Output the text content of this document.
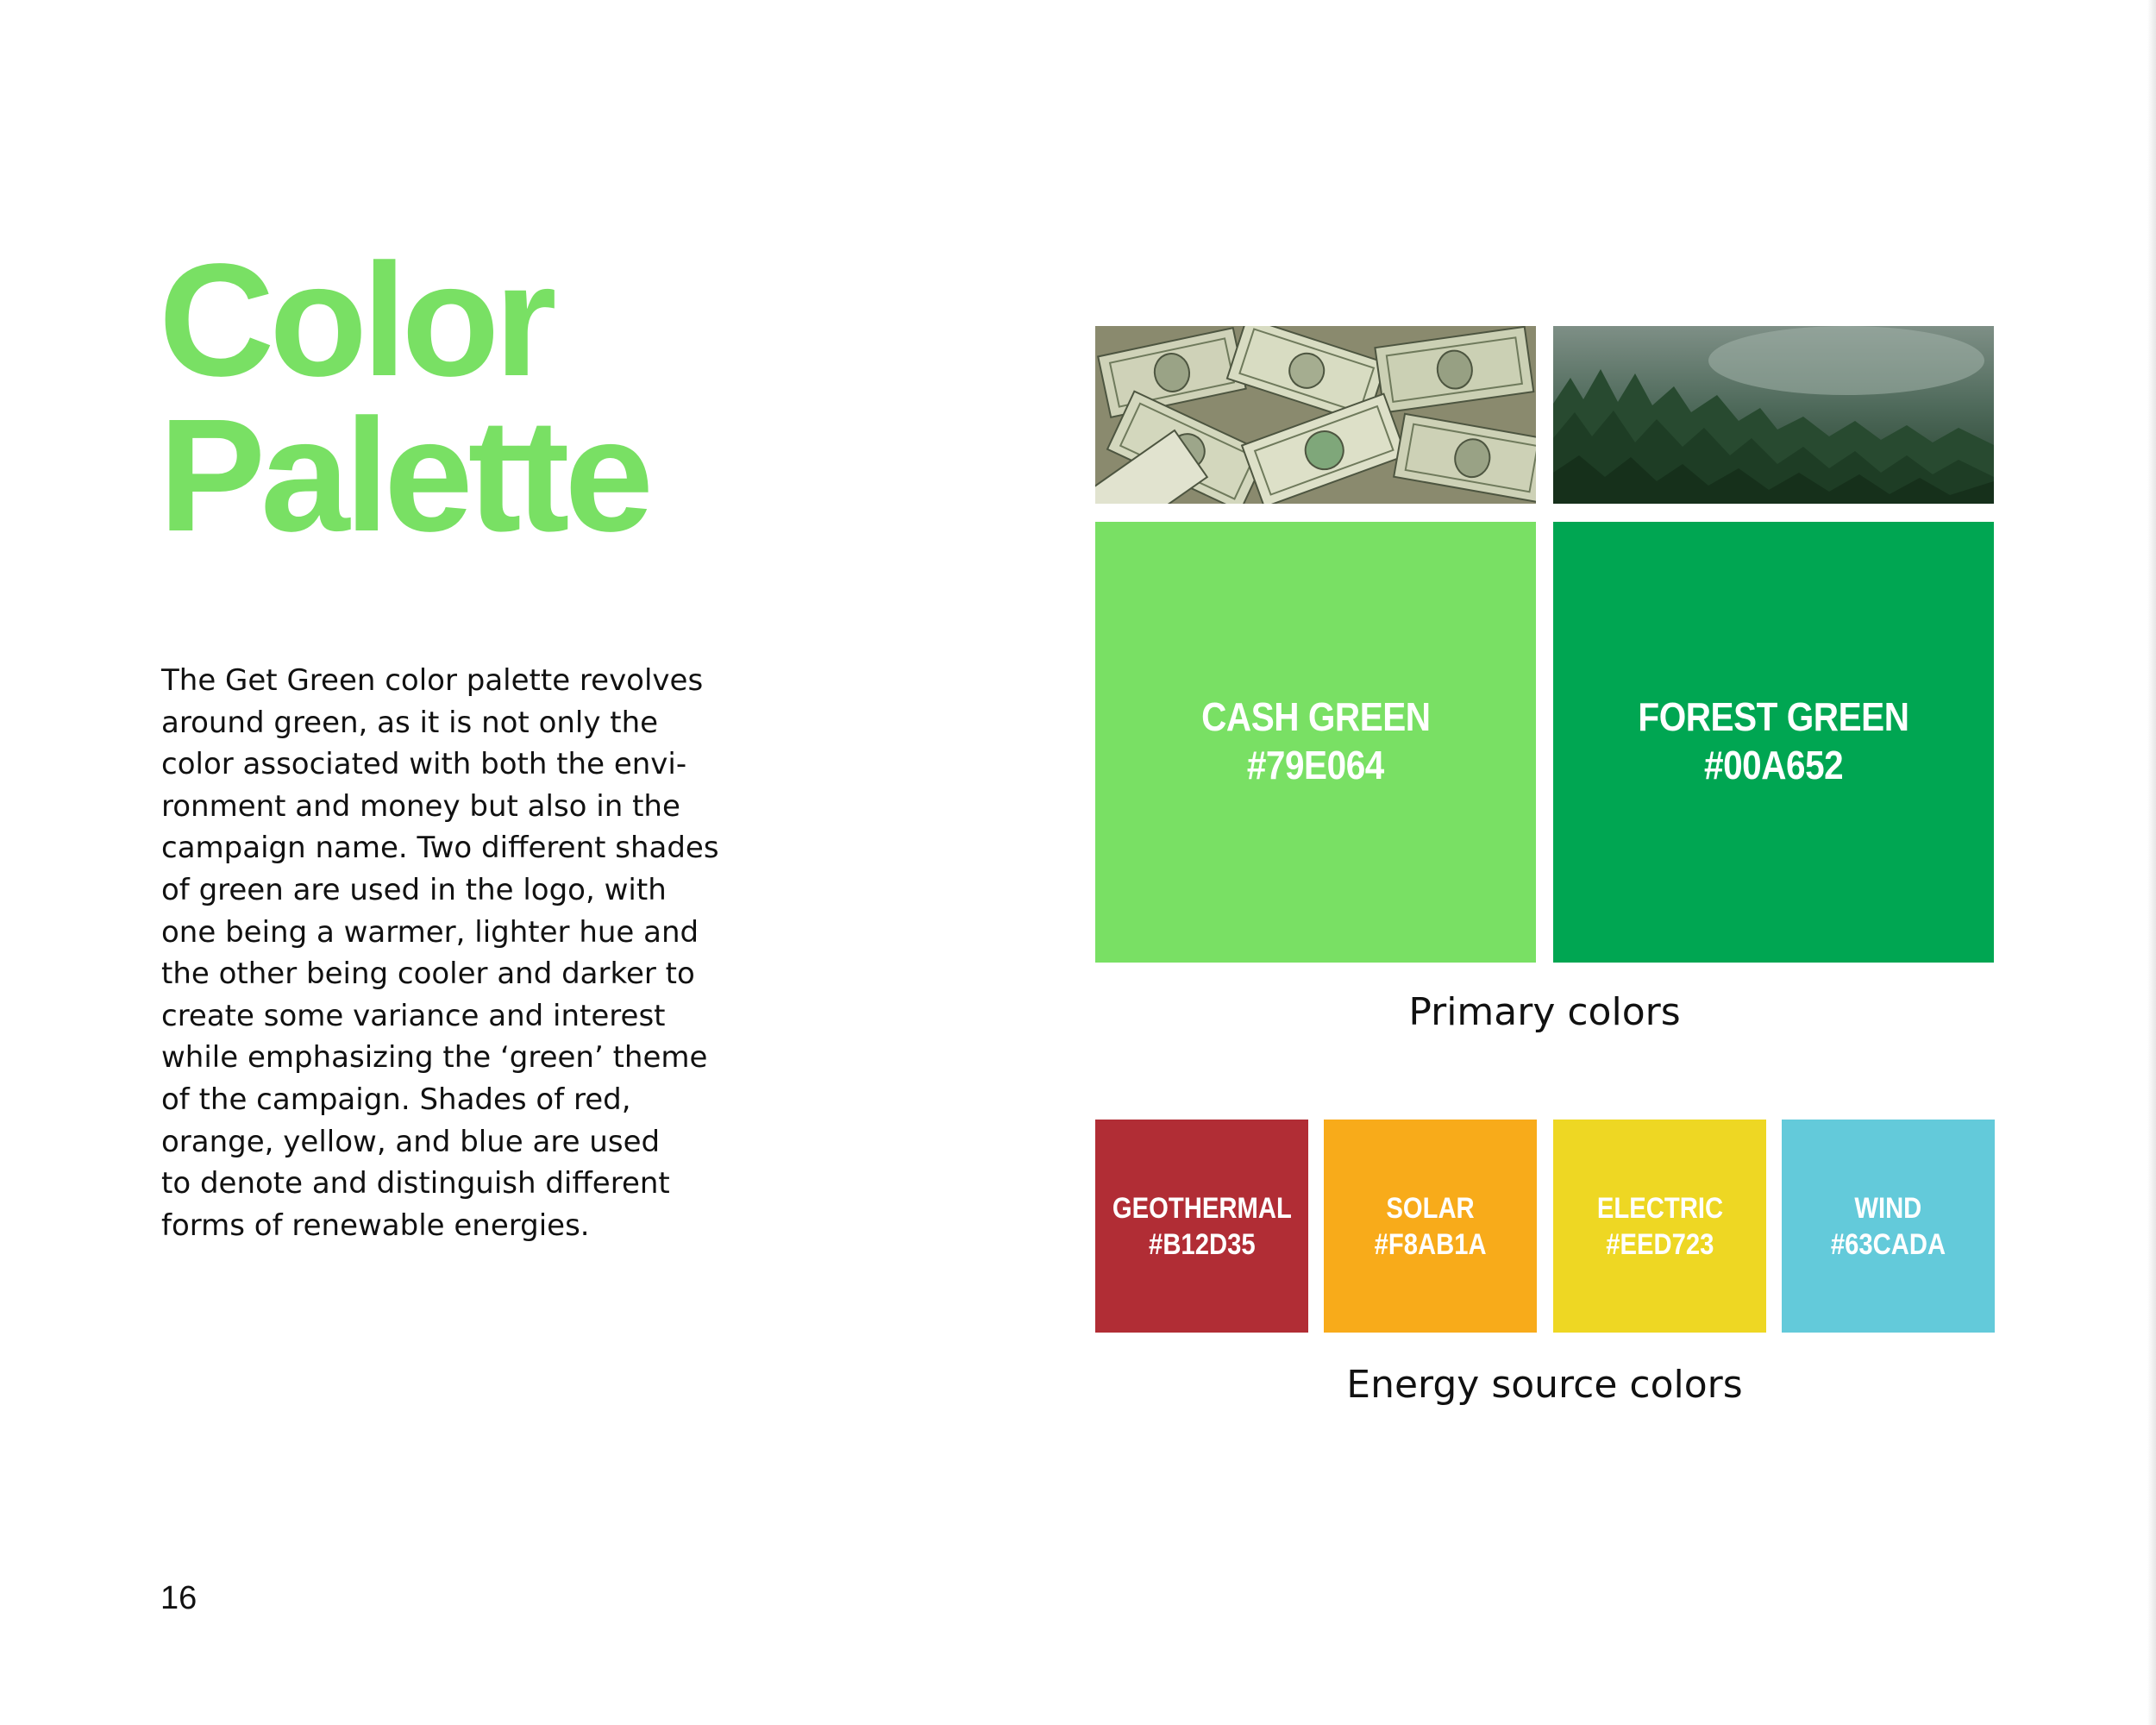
Color
Palette

The Get Green color palette revolves
around green, as it is not only the
color associated with both the envi-
ronment and money but also in the
campaign name. Two different shades
of green are used in the logo, with
one being a warmer, lighter hue and
the other being cooler and darker to
create some variance and interest
while emphasizing the ‘green’ theme
of the campaign. Shades of red,
orange, yellow, and blue are used
to denote and distinguish different
forms of renewable energies.

16
CASH GREEN
#79E064
FOREST GREEN
#00A652
Primary colors
GEOTHERMAL
#B12D35
SOLAR
#F8AB1A
ELECTRIC
#EED723
WIND
#63CADA
Energy source colors
